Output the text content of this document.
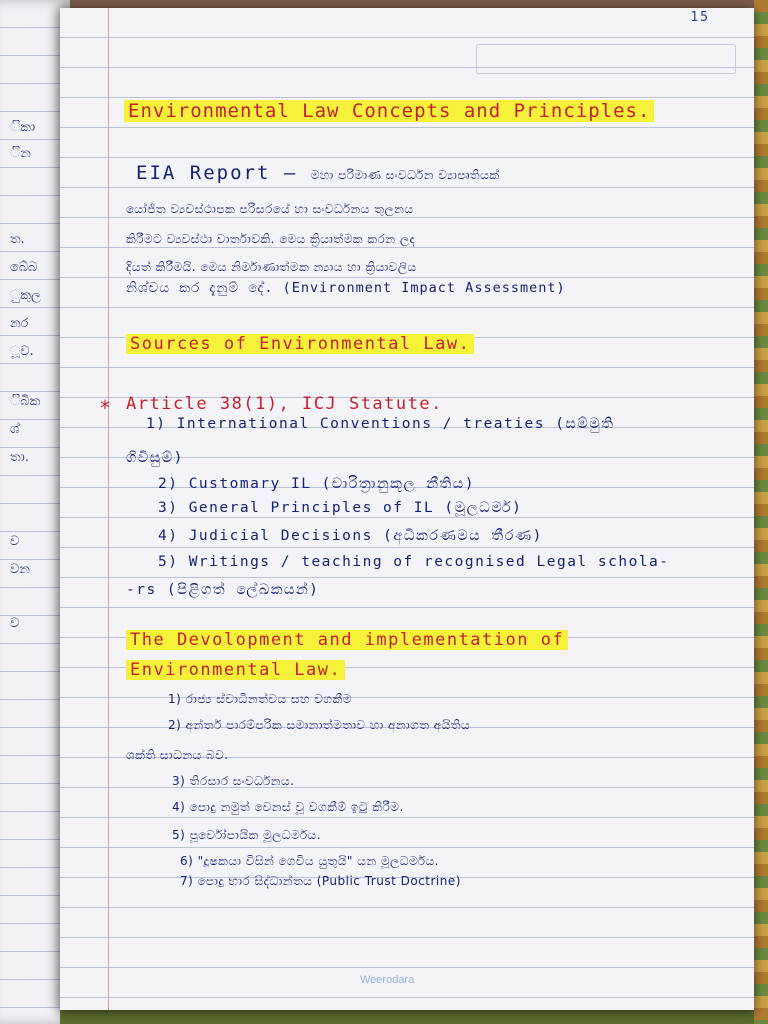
ිකා
ින
ත.
බේබ
ුකුල
නර
ූව.
ිබික
ශ්
තා.
ව
වන
ව
15
Environmental Law Concepts and Principles.
EIA Report – මහා පරිමාණ සංවර්ධන ව්‍යාපෘතියක්
යෝජිත ව්‍යවස්ථාපක පරිසරයේ හා සංවර්ධනය තුලනය
කිරීමට ව්‍යවස්ථා වාර්තාවකි. මෙය ක්‍රියාත්මක කරන ලද
දියත් කිරීමයි. මෙය නිර්මාණාත්මක න්‍යාය හා ක්‍රියාවලිය
නිශ්චය කර දැනුම් දේ. (Environment Impact Assessment)
Sources of Environmental Law.
* Article 38(1), ICJ Statute.
1) International Conventions / treaties (සම්මුති
ගිවිසුම්)
2) Customary IL (චාරිත්‍රානුකූල නීතිය)
3) General Principles of IL (මූලධර්ම)
4) Judicial Decisions (අධිකරණමය තීරණ)
5) Writings / teaching of recognised Legal schola-
-rs (පිළිගත් ලේඛකයන්)
The Devolopment and implementation of
Environmental Law.
1) රාජ්‍ය ස්වාධීනත්වය සහ වගකීම
2) අන්තර් පාරම්පරික සමානාත්මතාව හා අනාගත අයිතිය
ශක්ති සාධනය බව.
3) තිරසාර සංවර්ධනය.
4) පොදු නමුත් වෙනස් වූ වගකීම් ඉටු කිරීම.
5) පූර්වෝපායික මූලධර්මය.
6) "දූෂකයා විසින් ගෙවිය යුතුයි" යන මූලධර්මය.
7) පොදු භාර සිද්ධාන්තය (Public Trust Doctrine)
Weerodara
